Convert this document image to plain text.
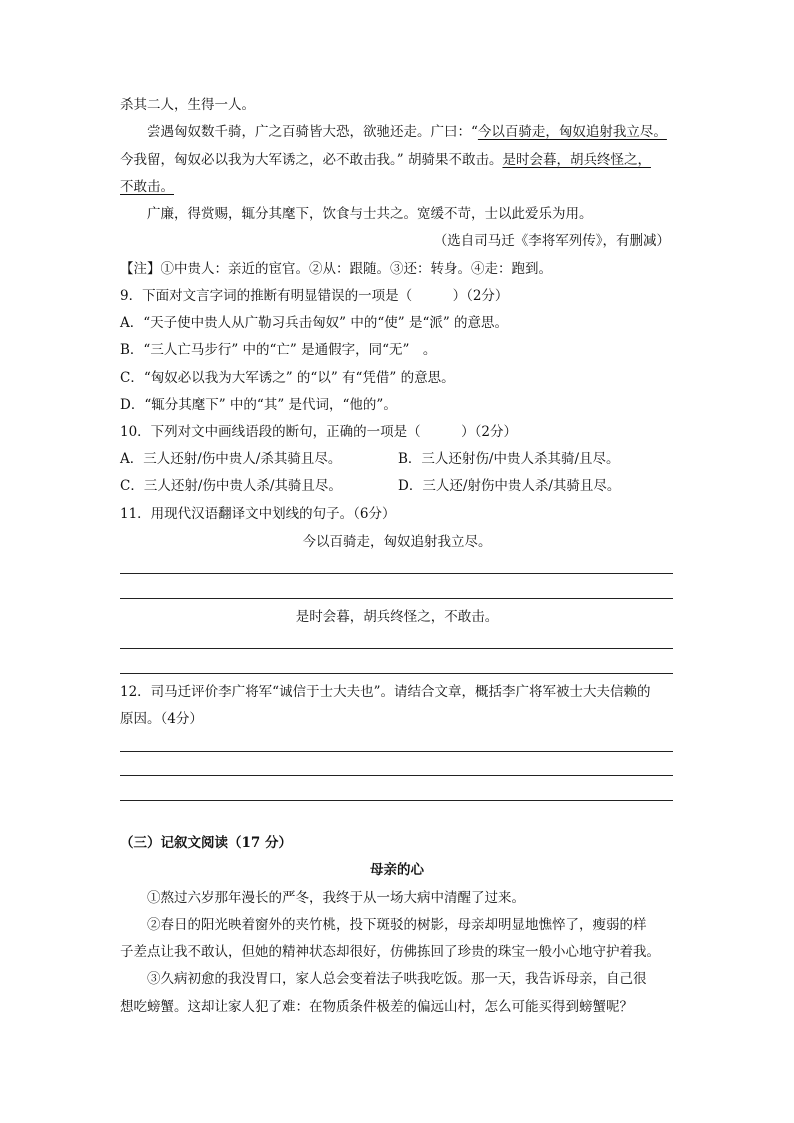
杀其二人，生得一人。
尝遇匈奴数千骑，广之百骑皆大恐，欲驰还走。广曰：“今以百骑走，匈奴追射我立尽。
今我留，匈奴必以我为大军诱之，必不敢击我。” 胡骑果不敢击。是时会暮，胡兵终怪之，
不敢击。
广廉，得赏赐，辄分其麾下，饮食与士共之。宽缓不苛，士以此爱乐为用。
（选自司马迁《李将军列传》，有删减）
【注】①中贵人：亲近的宦官。②从：跟随。③还：转身。④走：跑到。
9．下面对文言字词的推断有明显错误的一项是（　　　）（2分）
A．“天子使中贵人从广勒习兵击匈奴” 中的“使” 是“派” 的意思。
B．“三人亡马步行” 中的“亡” 是通假字，同“无”　。
C．“匈奴必以我为大军诱之” 的“以” 有“凭借” 的意思。
D．“辄分其麾下” 中的“其” 是代词，“他的”。
10．下列对文中画线语段的断句，正确的一项是（　　　）（2分）
A．三人还射/伤中贵人/杀其骑且尽。	B．三人还射伤/中贵人杀其骑/且尽。
C．三人还射/伤中贵人杀/其骑且尽。	D．三人还/射伤中贵人杀/其骑且尽。
11．用现代汉语翻译文中划线的句子。（6分）
今以百骑走，匈奴追射我立尽。
是时会暮，胡兵终怪之，不敢击。
12．司马迁评价李广将军“诚信于士大夫也”。请结合文章，概括李广将军被士大夫信赖的
原因。（4分）
（三）记叙文阅读（17 分）
母亲的心
①熬过六岁那年漫长的严冬，我终于从一场大病中清醒了过来。
②春日的阳光映着窗外的夹竹桃，投下斑驳的树影，母亲却明显地憔悴了，瘦弱的样
子差点让我不敢认，但她的精神状态却很好，仿佛拣回了珍贵的珠宝一般小心地守护着我。
③久病初愈的我没胃口，家人总会变着法子哄我吃饭。那一天，我告诉母亲，自己很
想吃螃蟹。这却让家人犯了难：在物质条件极差的偏远山村，怎么可能买得到螃蟹呢？
